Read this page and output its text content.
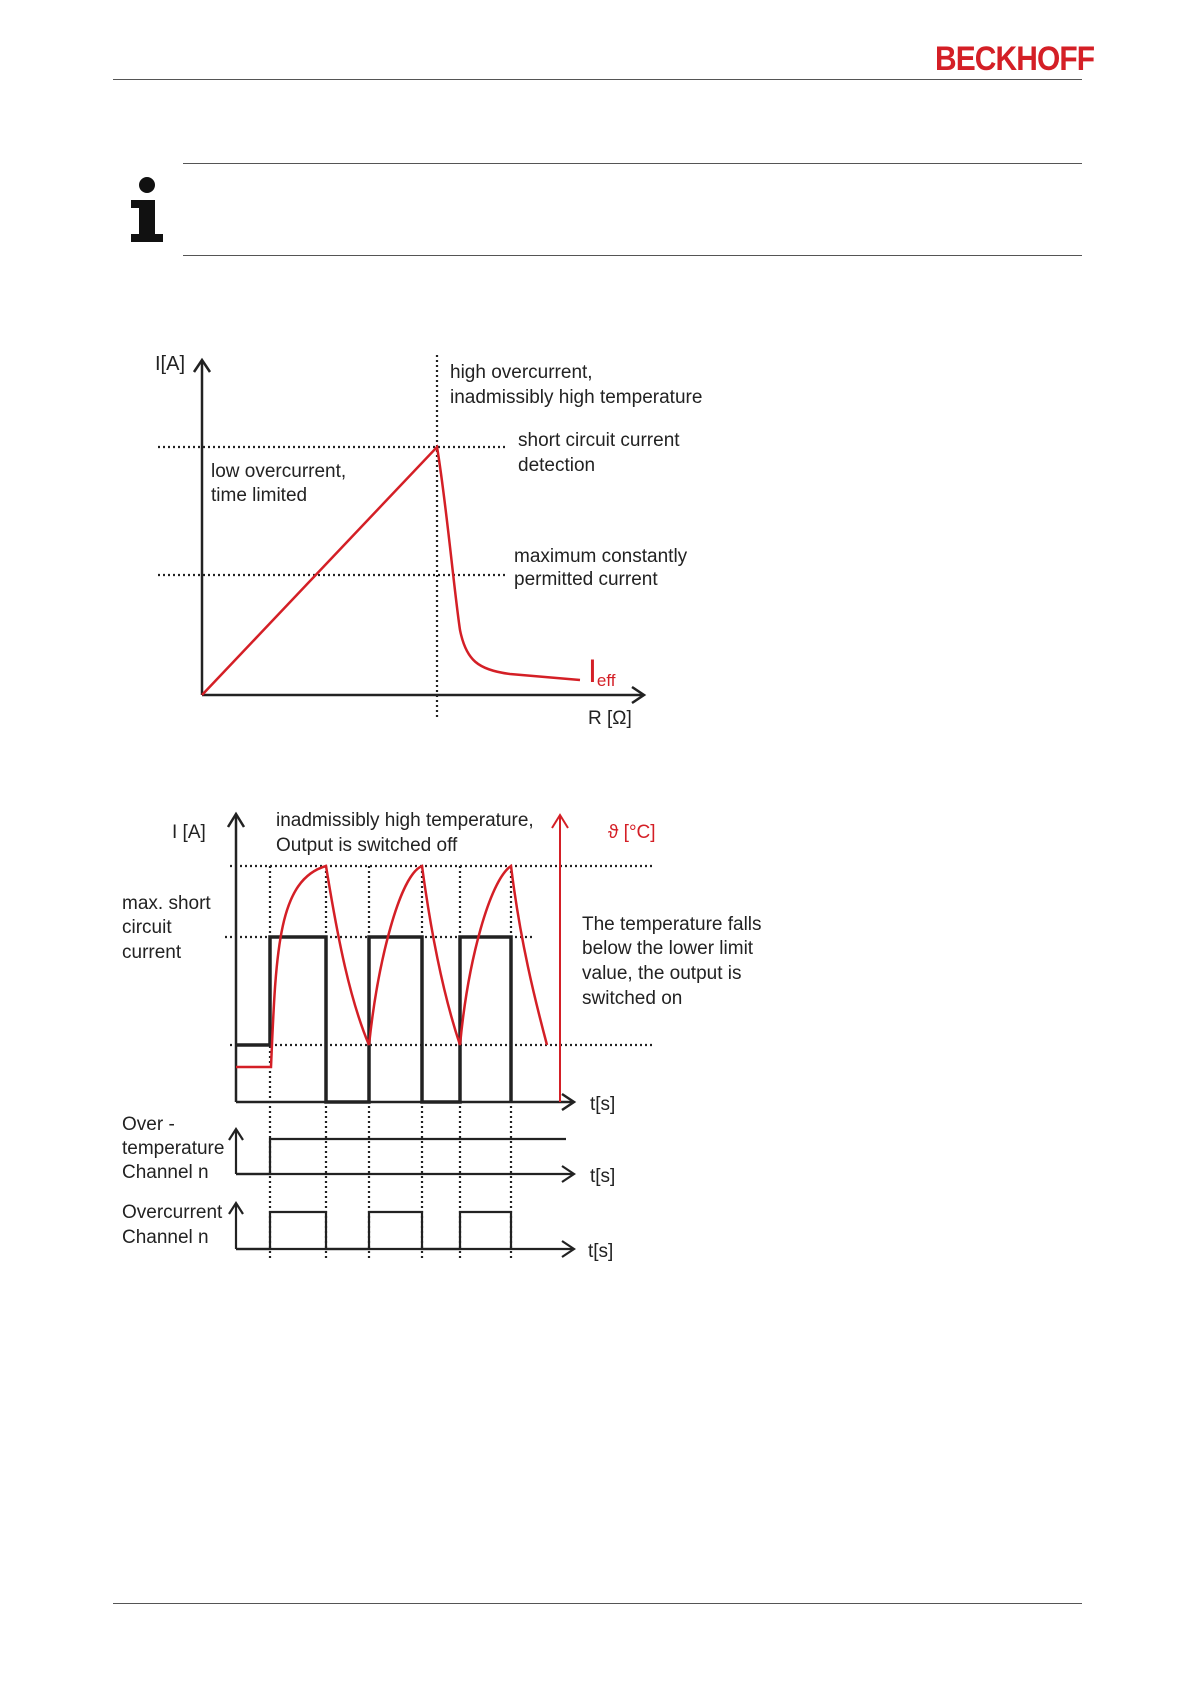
BECKHOFF
I[A]	high overcurrent,
inadmissibly high temperature
short circuit current
detection
low overcurrent,
time limited
maximum constantly
permitted current
Ieff
R [Ω]
I [A]
inadmissibly high temperature,
Output is switched off
ϑ [°C]
max. short
circuit
current
The temperature falls
below the lower limit
value, the output is
switched on
t[s]
Over -
temperature
Channel n	t[s]
Overcurrent
Channel n
t[s]
